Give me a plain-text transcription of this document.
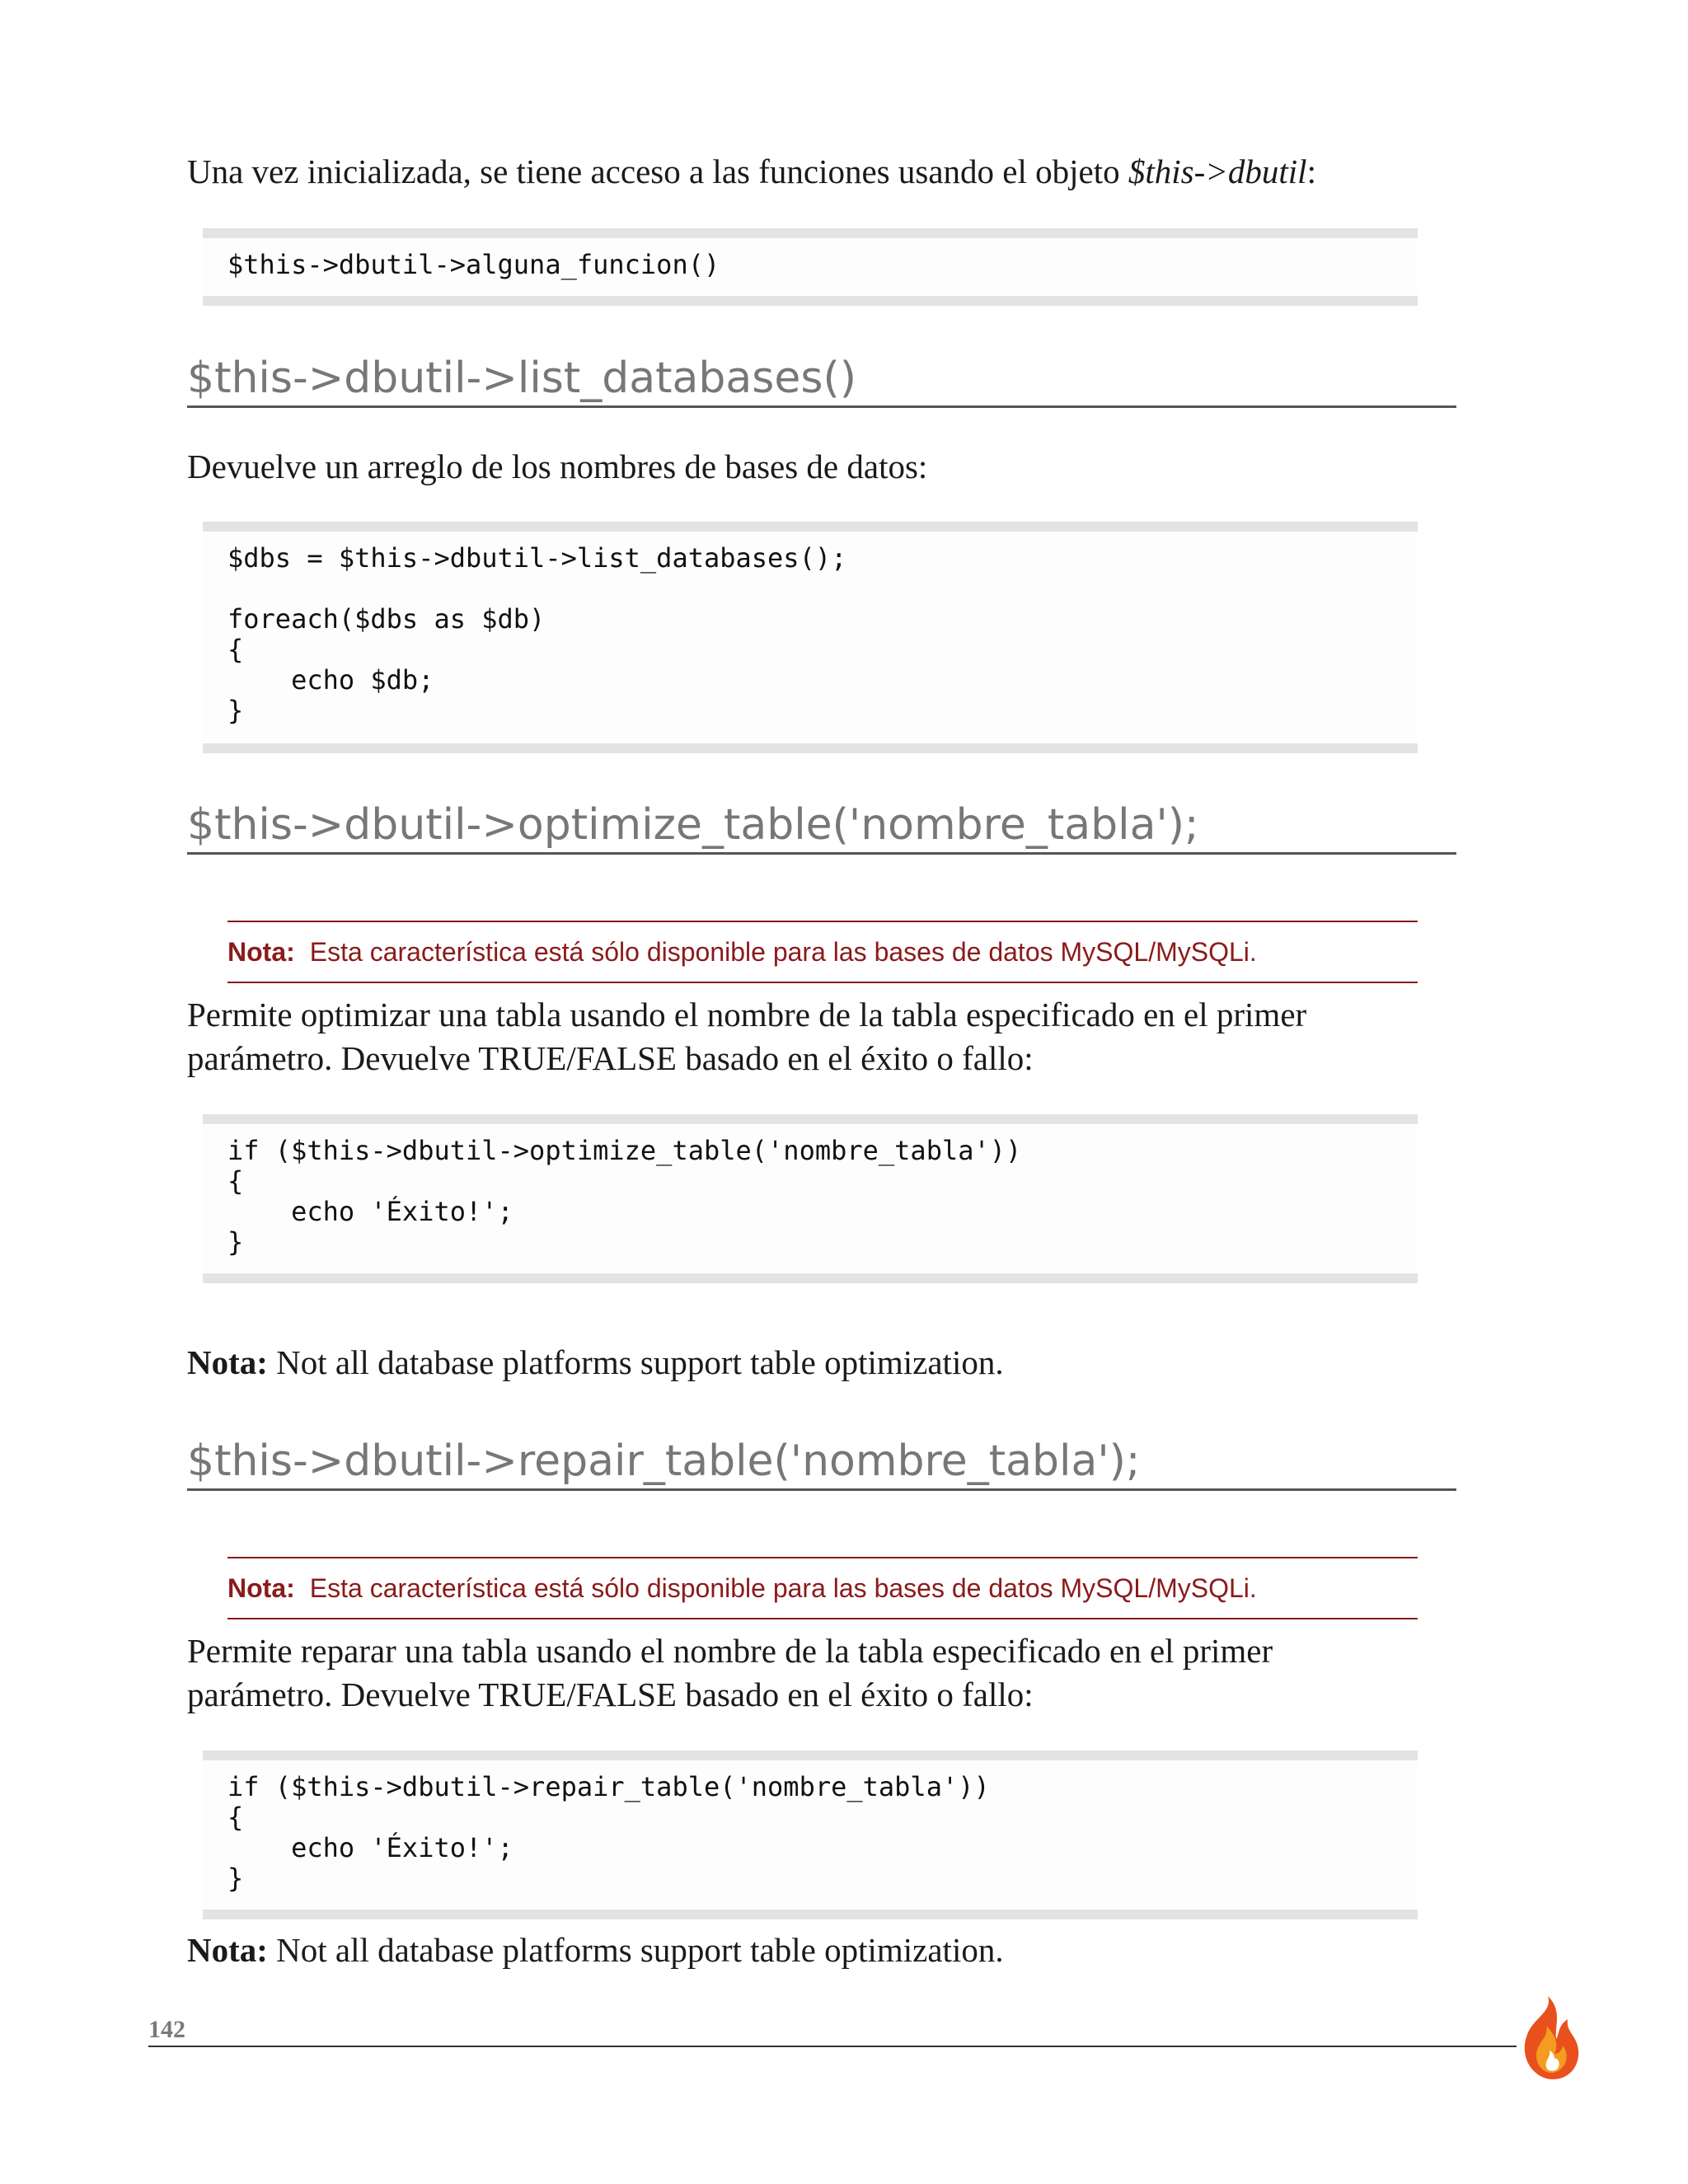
Una vez inicializada, se tiene acceso a las funciones usando el objeto $this->dbutil:

$this->dbutil->alguna_funcion()
$this->dbutil->list_databases()

Devuelve un arreglo de los nombres de bases de datos:

$dbs = $this->dbutil->list_databases();
foreach($dbs as $db)
{
echo $db;
}
$this->dbutil->optimize_table('nombre_tabla');
Nota: Esta característica está sólo disponible para las bases de datos MySQL/MySQLi.

Permite optimizar una tabla usando el nombre de la tabla especificado en el primer
parámetro. Devuelve TRUE/FALSE basado en el éxito o fallo:

if ($this->dbutil->optimize_table('nombre_tabla'))
{
echo 'Éxito!';
}

Nota: Not all database platforms support table optimization.

$this->dbutil->repair_table('nombre_tabla');
Nota: Esta característica está sólo disponible para las bases de datos MySQL/MySQLi.

Permite reparar una tabla usando el nombre de la tabla especificado en el primer
parámetro. Devuelve TRUE/FALSE basado en el éxito o fallo:

if ($this->dbutil->repair_table('nombre_tabla'))
{
echo 'Éxito!';
}

Nota: Not all database platforms support table optimization.

142
